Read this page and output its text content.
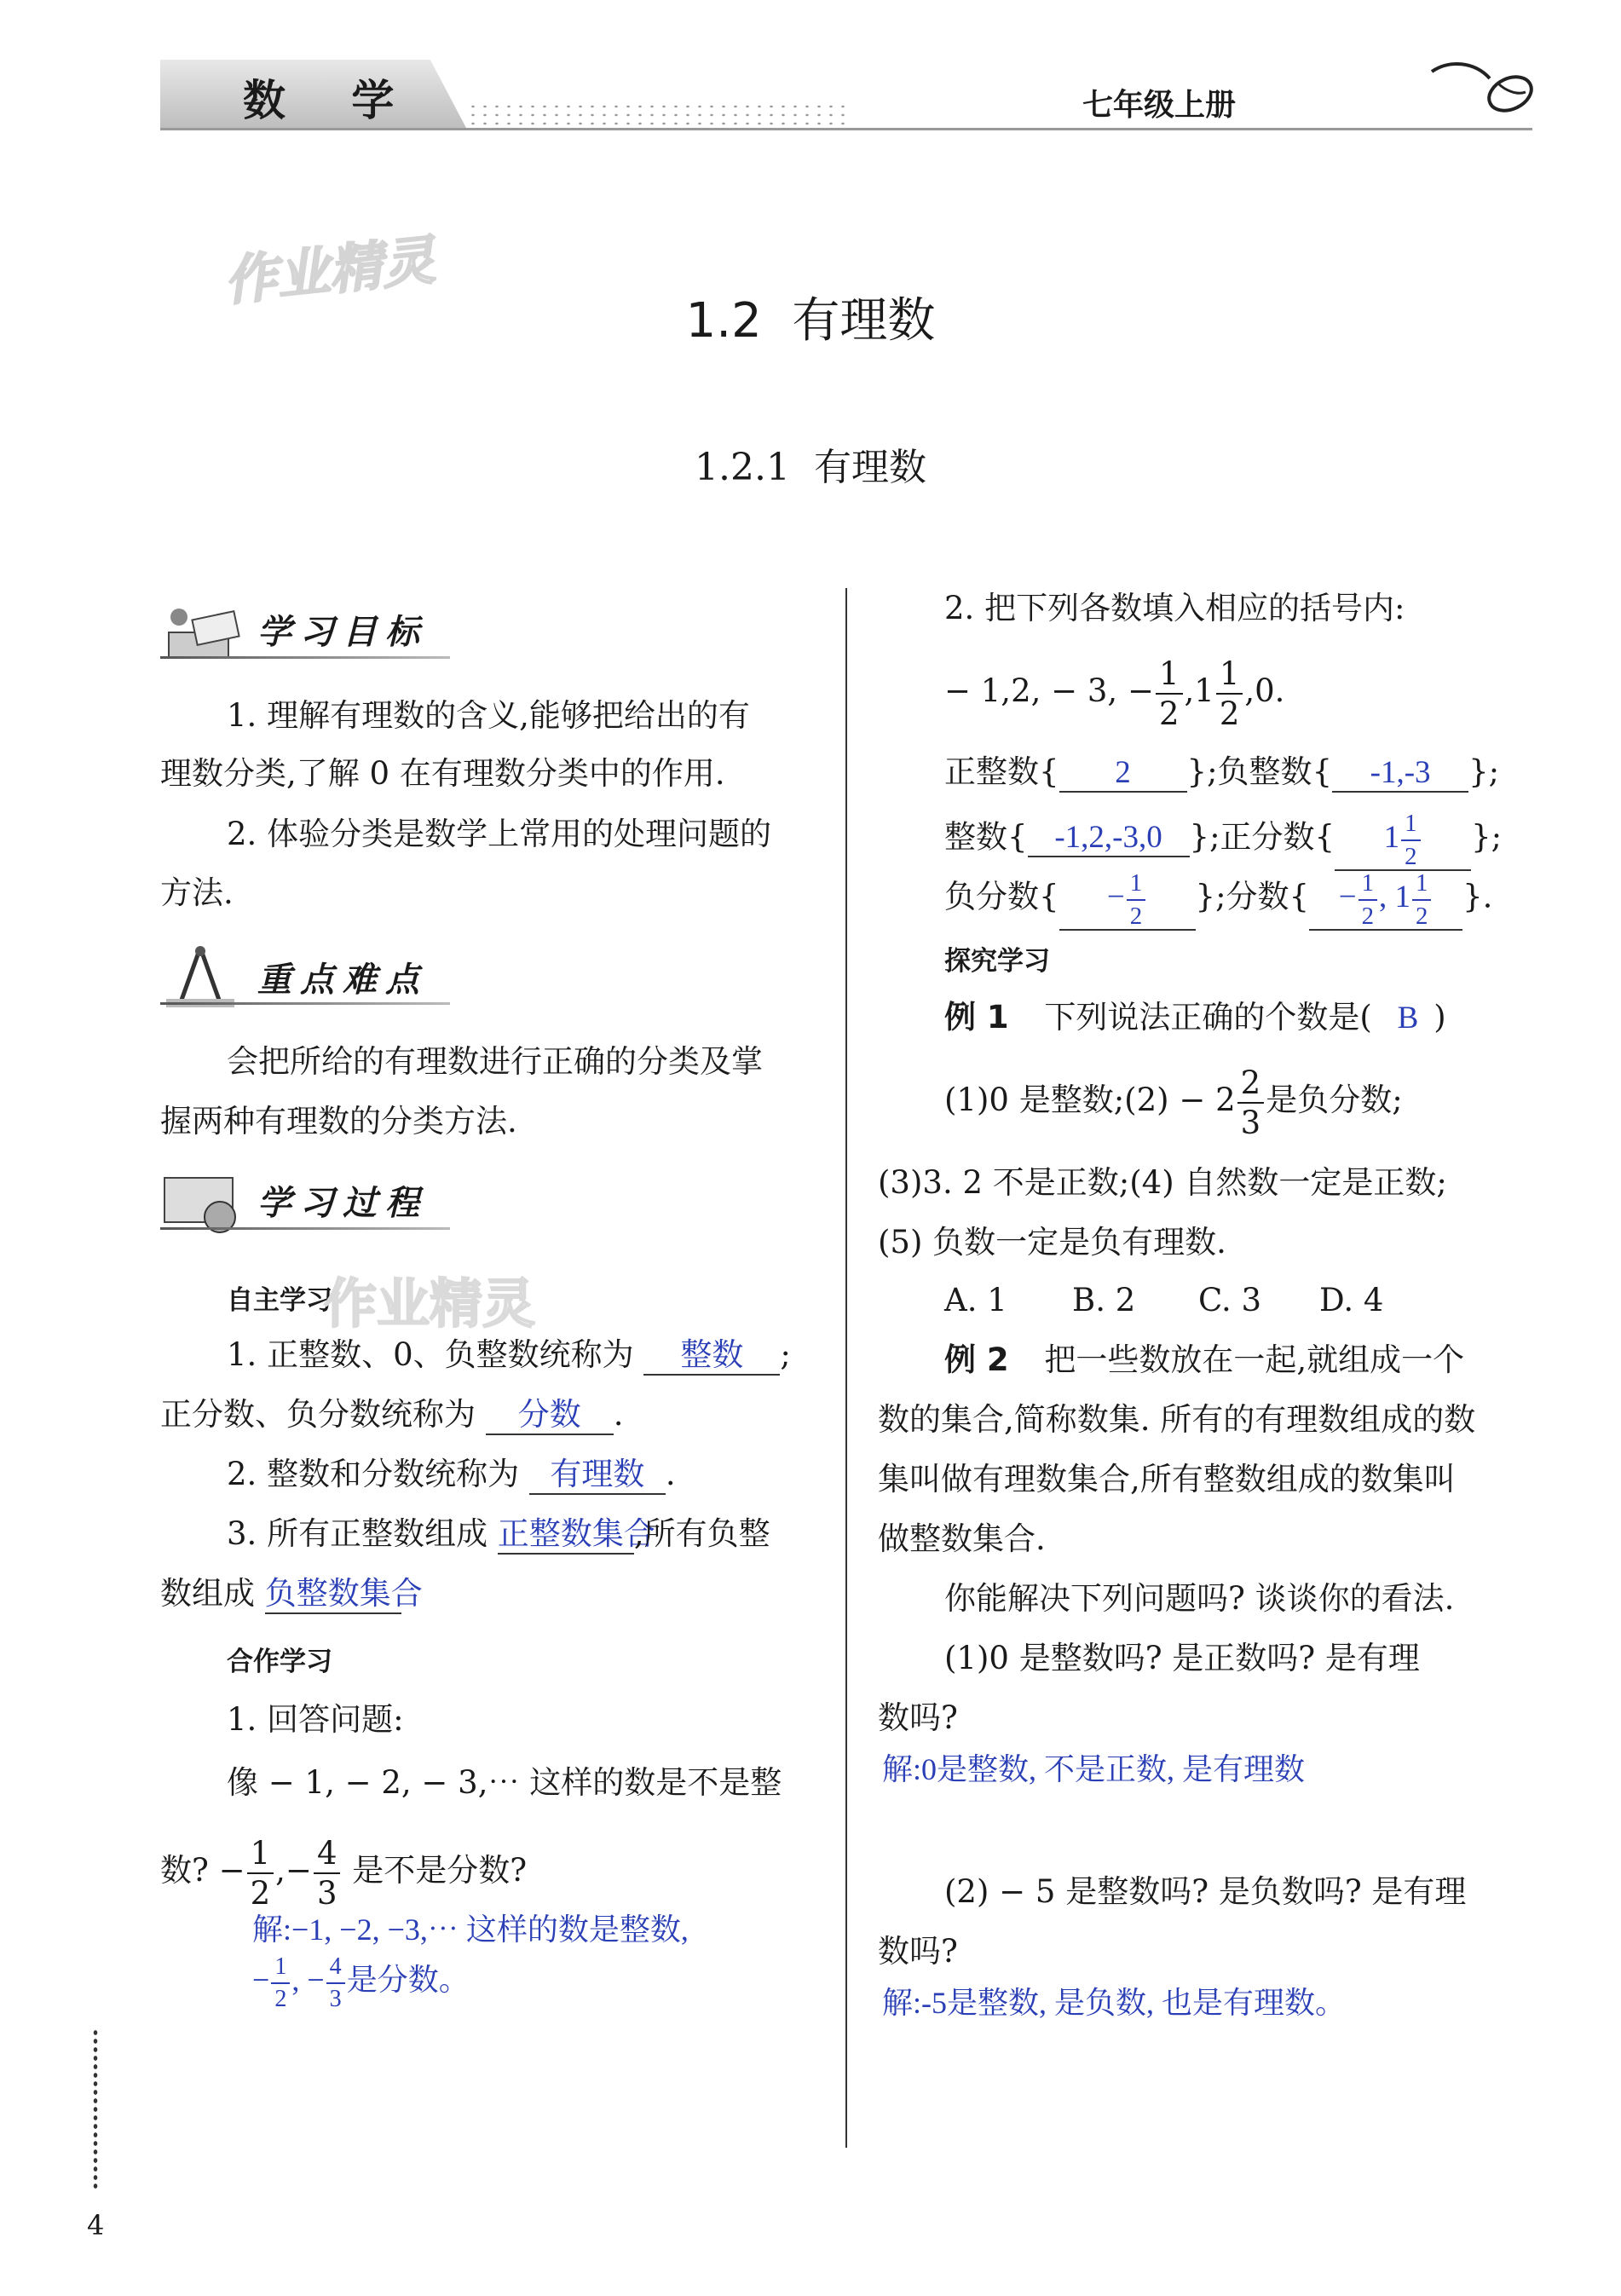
数 学	七年级上册
作业精灵
1.2  有理数
1.2.1  有理数
学习目标
1. 理解有理数的含义,能够把给出的有
理数分类,了解 0 在有理数分类中的作用.
2. 体验分类是数学上常用的处理问题的
方法.
重点难点
会把所给的有理数进行正确的分类及掌
握两种有理数的分类方法.
学习过程
自主学习
作业精灵
1. 正整数、0、负整数统称为 整数 ;
正分数、负分数统称为 分数 .
2. 整数和分数统称为 有理数 .
3. 所有正整数组成 正整数集合,所有负整
数组成 负整数集合
合作学习
1. 回答问题:
像 − 1, − 2, − 3,⋯ 这样的数是不是整
数? − $\frac{1}{2}$ ,− $\frac{4}{3}$ 是不是分数?
解:−1, −2, −3,⋯ 这样的数是整数,
− $\frac{1}{2}$ , − $\frac{4}{3}$ 是分数。
4
2. 把下列各数填入相应的括号内:
− 1,2, − 3, − $\frac{1}{2} ,1 \frac{1}{2} ,0$.
正整数{ 2 };负整数{ -1,-3 };
整数{ -1,2,-3,0 };正分数{ $1 \frac{1}{2}$ };
负分数{ − $\frac{1}{2}$ };分数{ − $\frac{1}{2}$ , $1 \frac{1}{2}$ }.
探究学习
例 1 下列说法正确的个数是( B )
(1)0 是整数;(2) − $2 \frac{2}{3}$ 是负分数;
(3)3. 2 不是正数;(4) 自然数一定是正数;
(5) 负数一定是负有理数.
A. 1 B. 2 C. 3 D. 4
例 2 把一些数放在一起,就组成一个
数的集合,简称数集. 所有的有理数组成的数
集叫做有理数集合,所有整数组成的数集叫
做整数集合.
你能解决下列问题吗? 谈谈你的看法.
(1)0 是整数吗? 是正数吗? 是有理
数吗?
解:0是整数, 不是正数, 是有理数
(2) − 5 是整数吗? 是负数吗? 是有理
数吗?
解:-5是整数, 是负数, 也是有理数。
